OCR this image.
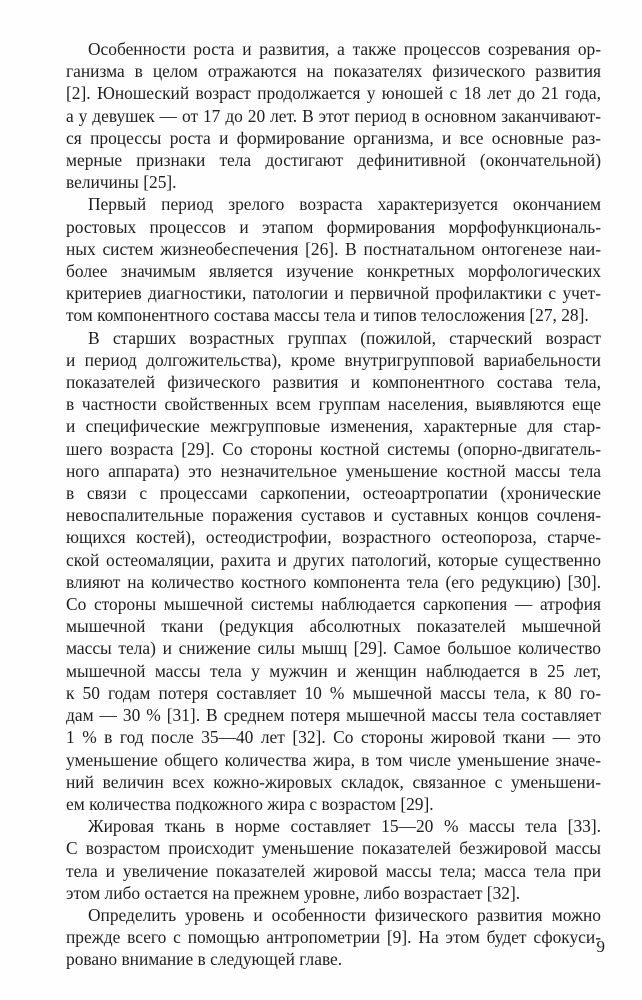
Особенности роста и развития, а также процессов созревания ор-
ганизма в целом отражаются на показателях физического развития
[2]. Юношеский возраст продолжается у юношей с 18 лет до 21 года,
а у девушек — от 17 до 20 лет. В этот период в основном заканчивают-
ся процессы роста и формирование организма, и все основные раз-
мерные признаки тела достигают дефинитивной (окончательной)
величины [25].

Первый период зрелого возраста характеризуется окончанием
ростовых процессов и этапом формирования морфофункциональ-
ных систем жизнеобеспечения [26]. В постнатальном онтогенезе наи-
более значимым является изучение конкретных морфологических
критериев диагностики, патологии и первичной профилактики с учет-
том компонентного состава массы тела и типов телосложения [27, 28].

В старших возрастных группах (пожилой, старческий возраст
и период долгожительства), кроме внутригрупповой вариабельности
показателей физического развития и компонентного состава тела,
в частности свойственных всем группам населения, выявляются еще
и специфические межгрупповые изменения, характерные для стар-
шего возраста [29]. Со стороны костной системы (опорно-двигатель-
ного аппарата) это незначительное уменьшение костной массы тела
в связи с процессами саркопении, остеоартропатии (хронические
невоспалительные поражения суставов и суставных концов сочленя-
ющихся костей), остеодистрофии, возрастного остеопороза, старче-
ской остеомаляции, рахита и других патологий, которые существенно
влияют на количество костного компонента тела (его редукцию) [30].
Со стороны мышечной системы наблюдается саркопения — атрофия
мышечной ткани (редукция абсолютных показателей мышечной
массы тела) и снижение силы мышц [29]. Самое большое количество
мышечной массы тела у мужчин и женщин наблюдается в 25 лет,
к 50 годам потеря составляет 10 % мышечной массы тела, к 80 го-
дам — 30 % [31]. В среднем потеря мышечной массы тела составляет
1 % в год после 35—40 лет [32]. Со стороны жировой ткани — это
уменьшение общего количества жира, в том числе уменьшение значе-
ний величин всех кожно-жировых складок, связанное с уменьшени-
ем количества подкожного жира с возрастом [29].

Жировая ткань в норме составляет 15—20 % массы тела [33].
С возрастом происходит уменьшение показателей безжировой массы
тела и увеличение показателей жировой массы тела; масса тела при
этом либо остается на прежнем уровне, либо возрастает [32].

Определить уровень и особенности физического развития можно
прежде всего с помощью антропометрии [9]. На этом будет сфокуси-
ровано внимание в следующей главе.

9
